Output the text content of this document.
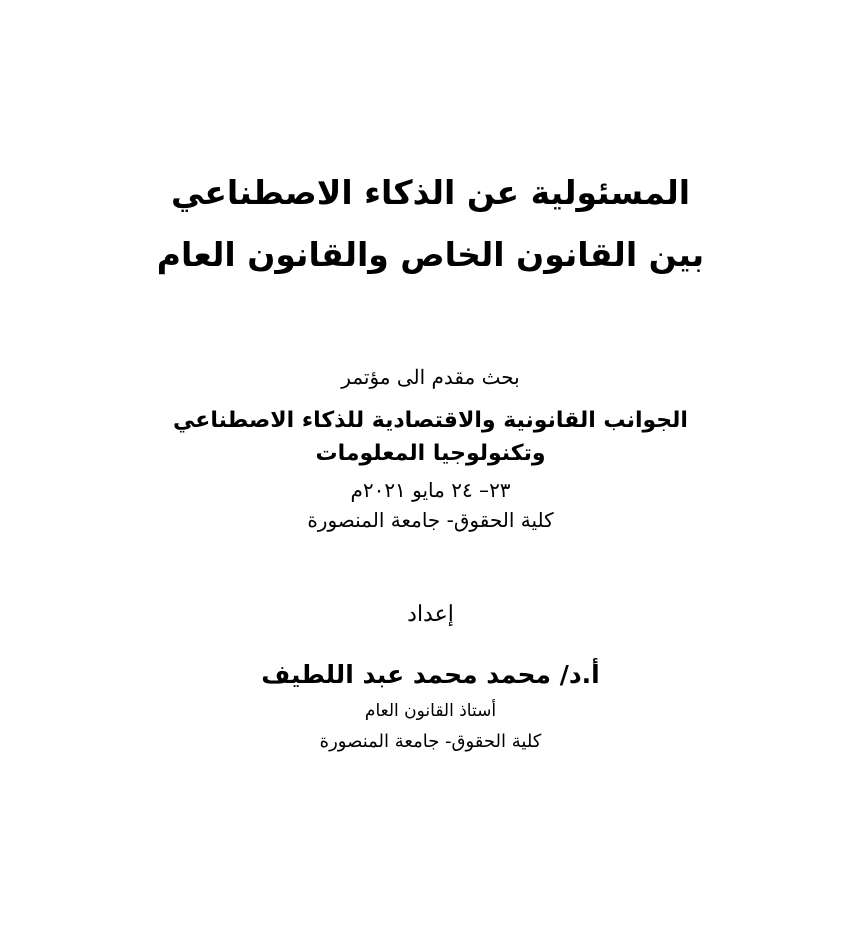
المسئولية عن الذكاء الاصطناعي
بين القانون الخاص والقانون العام
بحث مقدم الى مؤتمر
الجوانب القانونية والاقتصادية للذكاء الاصطناعي
وتكنولوجيا المعلومات
٢٣– ٢٤ مايو ٢٠٢١م
كلية الحقوق- جامعة المنصورة
إعداد
أ.د/ محمد محمد عبد اللطيف
أستاذ القانون العام
كلية الحقوق- جامعة المنصورة
